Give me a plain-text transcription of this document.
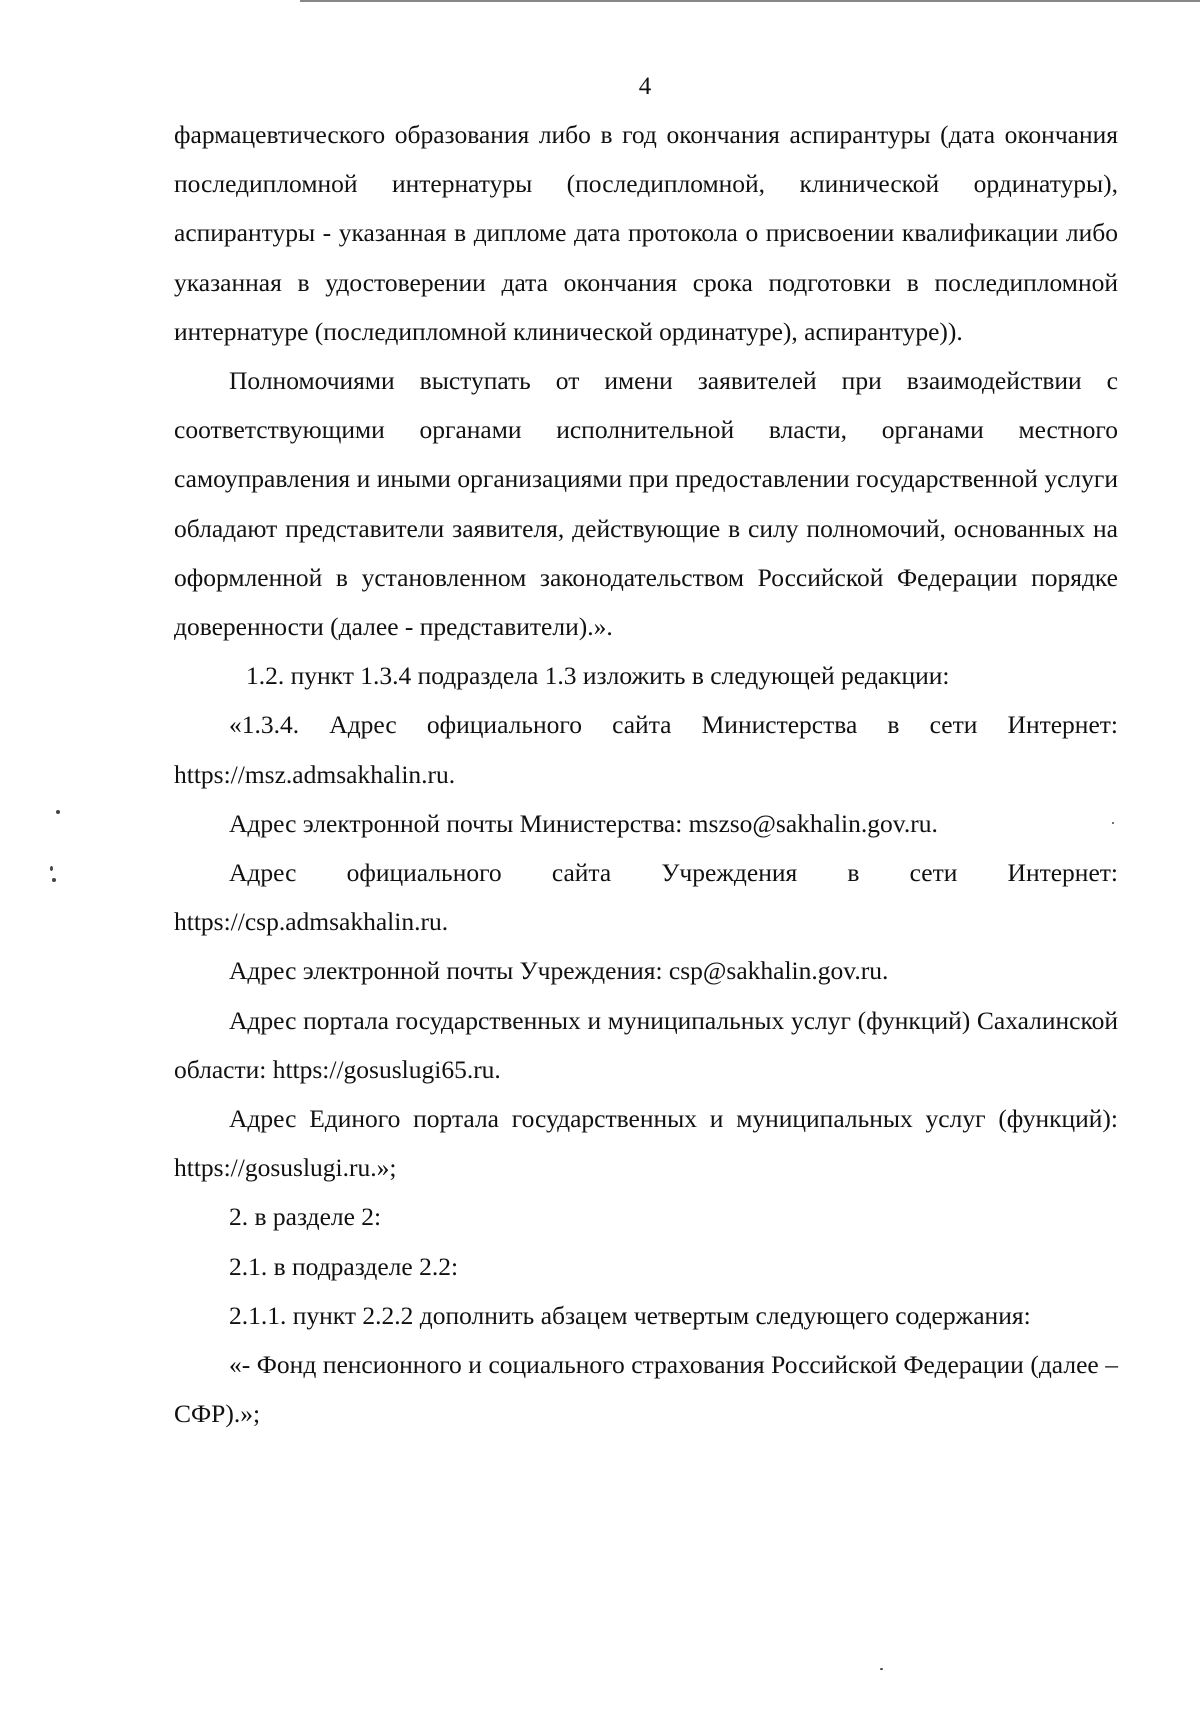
4

фармацевтического образования либо в год окончания аспирантуры (дата окончания последипломной интернатуры (последипломной, клинической ординатуры), аспирантуры - указанная в дипломе дата протокола о присвоении квалификации либо указанная в удостоверении дата окончания срока подготовки в последипломной интернатуре (последипломной клинической ординатуре), аспирантуре)).

Полномочиями выступать от имени заявителей при взаимодействии с соответствующими органами исполнительной власти, органами местного самоуправления и иными организациями при предоставлении государственной услуги обладают представители заявителя, действующие в силу полномочий, основанных на оформленной в установленном законодательством Российской Федерации порядке доверенности (далее - представители).».

1.2. пункт 1.3.4 подраздела 1.3 изложить в следующей редакции:

«1.3.4. Адрес официального сайта Министерства в сети Интернет: https://msz.admsakhalin.ru.

Адрес электронной почты Министерства: mszso@sakhalin.gov.ru.

Адрес официального сайта Учреждения в сети Интернет: https://csp.admsakhalin.ru.

Адрес электронной почты Учреждения: csp@sakhalin.gov.ru.

Адрес портала государственных и муниципальных услуг (функций) Сахалинской области: https://gosuslugi65.ru.

Адрес Единого портала государственных и муниципальных услуг (функций): https://gosuslugi.ru.»;

2. в разделе 2:

2.1. в подразделе 2.2:

2.1.1. пункт 2.2.2 дополнить абзацем четвертым следующего содержания:

«- Фонд пенсионного и социального страхования Российской Федерации (далее – СФР).»;
